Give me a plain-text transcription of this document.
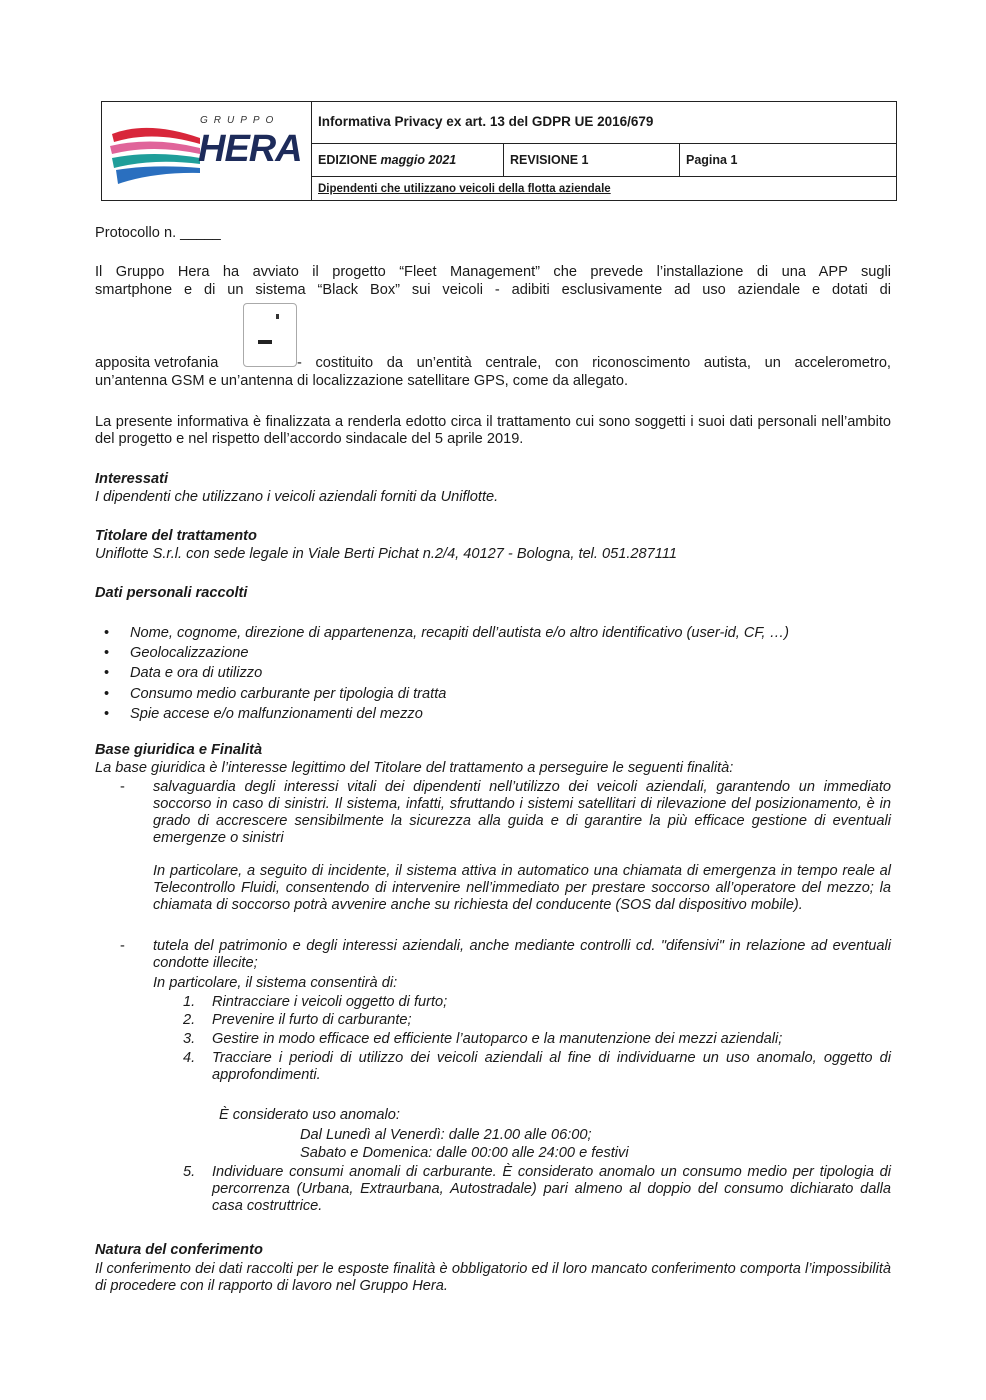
GRUPPO
HERA
Informativa Privacy ex art. 13 del GDPR UE 2016/679
EDIZIONE maggio 2021	REVISIONE 1	Pagina 1
Dipendenti che utilizzano veicoli della flotta aziendale
Protocollo n. _____
Il Gruppo Hera ha avviato il progetto “Fleet Management” che prevede l’installazione di una APP sugli
smartphone e di un sistema “Black Box” sui veicoli - adibiti esclusivamente ad uso aziendale e dotati di
apposita vetrofania	- costituito da un’entità centrale, con riconoscimento autista, un accelerometro,
un’antenna GSM e un’antenna di localizzazione satellitare GPS, come da allegato.
La presente informativa è finalizzata a renderla edotto circa il trattamento cui sono soggetti i suoi dati personali nell’ambito del progetto e nel rispetto dell’accordo sindacale del 5 aprile 2019.
Interessati
I dipendenti che utilizzano i veicoli aziendali forniti da Uniflotte.
Titolare del trattamento
Uniflotte S.r.l. con sede legale in Viale Berti Pichat n.2/4, 40127 - Bologna, tel. 051.287111
Dati personali raccolti
Nome, cognome, direzione di appartenenza, recapiti dell’autista e/o altro identificativo (user-id, CF, …)
Geolocalizzazione
Data e ora di utilizzo
Consumo medio carburante per tipologia di tratta
Spie accese e/o malfunzionamenti del mezzo
Base giuridica e Finalità
La base giuridica è l’interesse legittimo del Titolare del trattamento a perseguire le seguenti finalità:
- salvaguardia degli interessi vitali dei dipendenti nell’utilizzo dei veicoli aziendali, garantendo un immediato soccorso in caso di sinistri. Il sistema, infatti, sfruttando i sistemi satellitari di rilevazione del posizionamento, è in grado di accrescere sensibilmente la sicurezza alla guida e di garantire la più efficace gestione di eventuali emergenze o sinistri
In particolare, a seguito di incidente, il sistema attiva in automatico una chiamata di emergenza in tempo reale al Telecontrollo Fluidi, consentendo di intervenire nell’immediato per prestare soccorso all’operatore del mezzo; la chiamata di soccorso potrà avvenire anche su richiesta del conducente (SOS dal dispositivo mobile).
- tutela del patrimonio e degli interessi aziendali, anche mediante controlli cd. "difensivi" in relazione ad eventuali condotte illecite;
In particolare, il sistema consentirà di:
1. Rintracciare i veicoli oggetto di furto;
2. Prevenire il furto di carburante;
3. Gestire in modo efficace ed efficiente l’autoparco e la manutenzione dei mezzi aziendali;
4. Tracciare i periodi di utilizzo dei veicoli aziendali al fine di individuarne un uso anomalo, oggetto di approfondimenti.
È considerato uso anomalo:
Dal Lunedì al Venerdì: dalle 21.00 alle 06:00;
Sabato e Domenica: dalle 00:00 alle 24:00 e festivi
5. Individuare consumi anomali di carburante. È considerato anomalo un consumo medio per tipologia di percorrenza (Urbana, Extraurbana, Autostradale) pari almeno al doppio del consumo dichiarato dalla casa costruttrice.
Natura del conferimento
Il conferimento dei dati raccolti per le esposte finalità è obbligatorio ed il loro mancato conferimento comporta l’impossibilità di procedere con il rapporto di lavoro nel Gruppo Hera.
